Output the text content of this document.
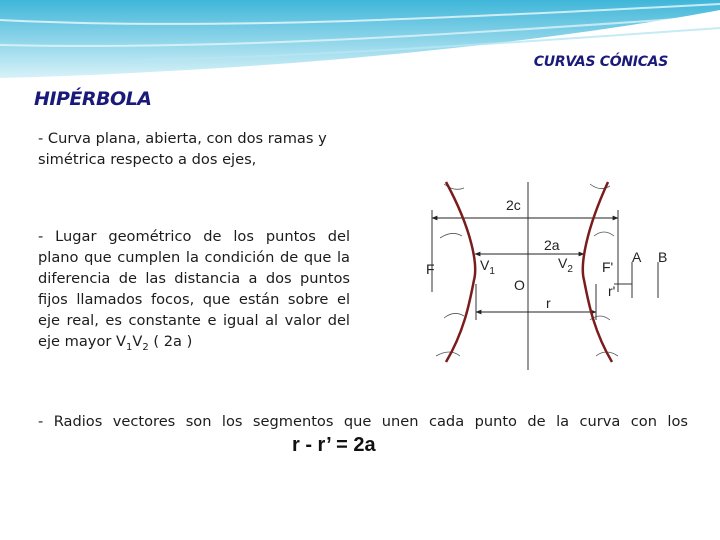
CURVAS CÓNICAS
HIPÉRBOLA
- Curva plana, abierta, con dos ramas y simétrica respecto a dos ejes,
- Lugar geométrico de los puntos del plano que cumplen la condición de que la diferencia de las distancia a dos puntos fijos llamados focos, que están sobre el eje real, es constante e igual al valor del eje mayor $V_1V_2$ ( 2a )
- Radios vectores son los segmentos que unen cada punto de la curva con los
r - r’ = 2a
2c
2a
F	$V_1$
O
r
$V_2$ F'
r'
A B
